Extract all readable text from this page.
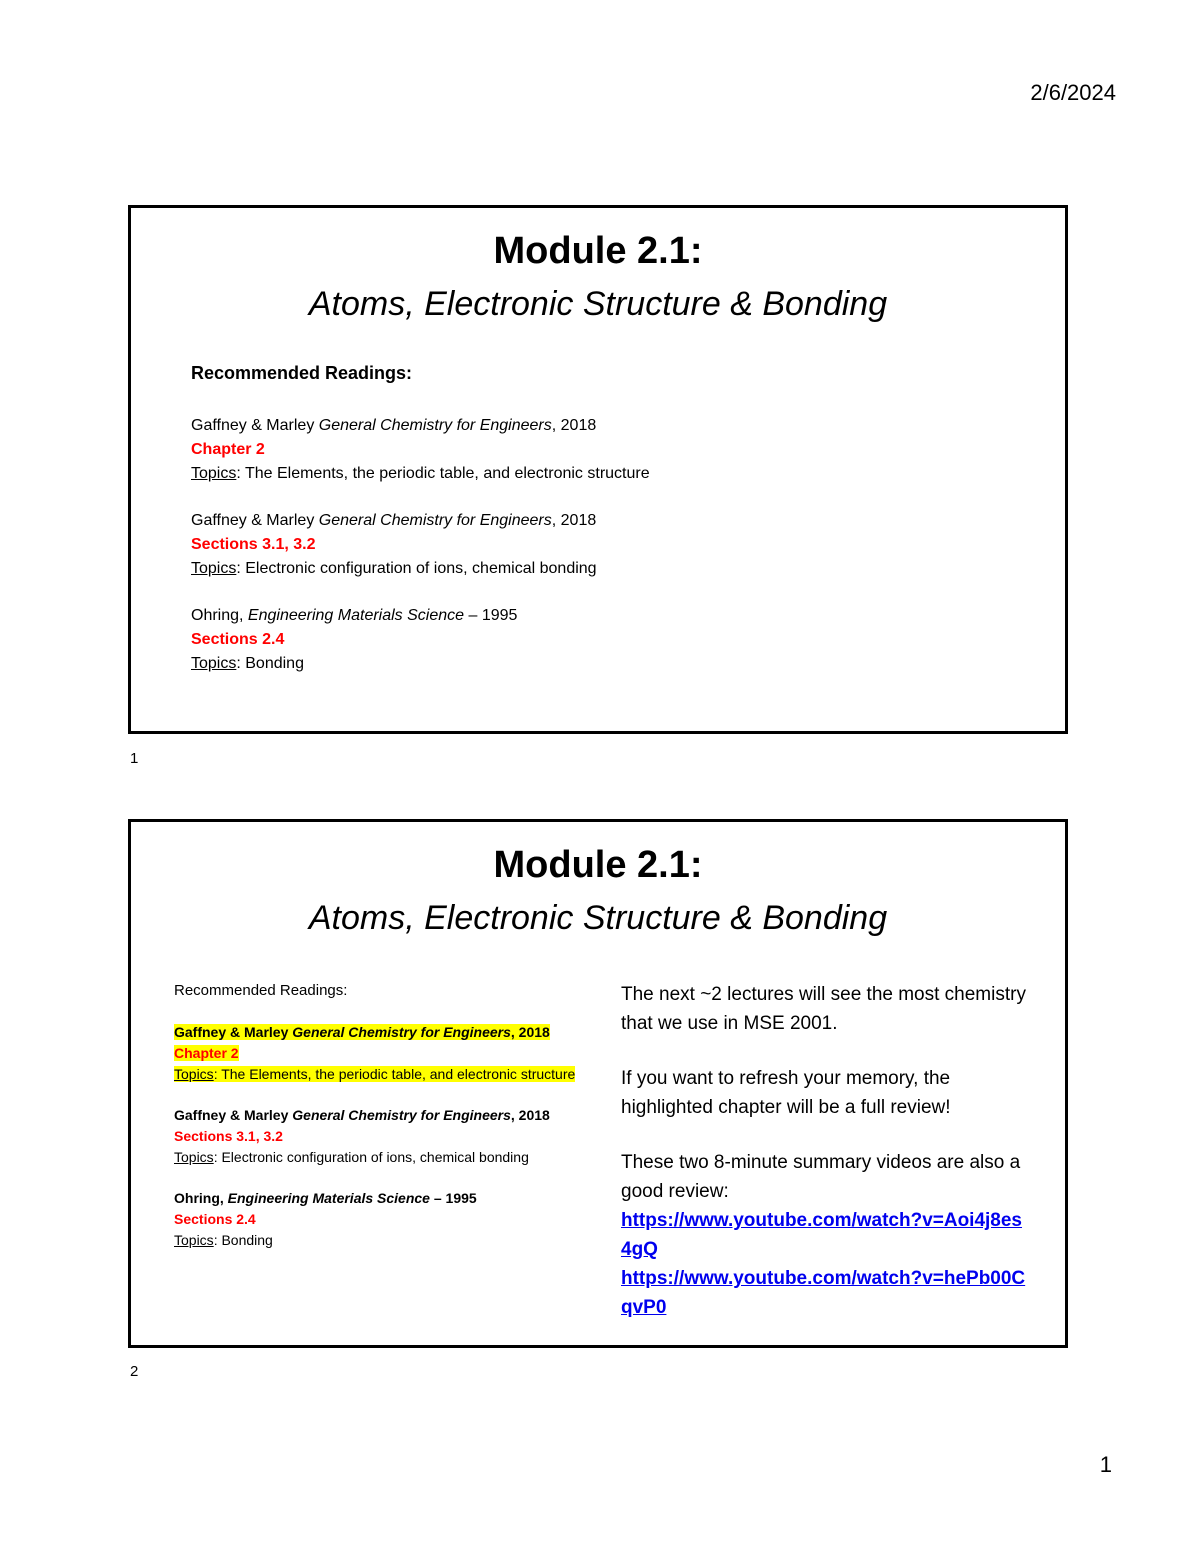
2/6/2024
Module 2.1:
Atoms, Electronic Structure & Bonding
Recommended Readings:
Gaffney & Marley General Chemistry for Engineers, 2018
Chapter 2
Topics: The Elements, the periodic table, and electronic structure
Gaffney & Marley General Chemistry for Engineers, 2018
Sections 3.1, 3.2
Topics: Electronic configuration of ions, chemical bonding
Ohring, Engineering Materials Science – 1995
Sections 2.4
Topics: Bonding
1
Module 2.1:
Atoms, Electronic Structure & Bonding
Recommended Readings:
Gaffney & Marley General Chemistry for Engineers, 2018
Chapter 2
Topics: The Elements, the periodic table, and electronic structure
Gaffney & Marley General Chemistry for Engineers, 2018
Sections 3.1, 3.2
Topics: Electronic configuration of ions, chemical bonding
Ohring, Engineering Materials Science – 1995
Sections 2.4
Topics: Bonding

The next ~2 lectures will see the most chemistry that we use in MSE 2001.

If you want to refresh your memory, the highlighted chapter will be a full review!

These two 8-minute summary videos are also a good review:

https://www.youtube.com/watch?v=Aoi4j8es4gQ
https://www.youtube.com/watch?v=hePb00CqvP0
2
1
